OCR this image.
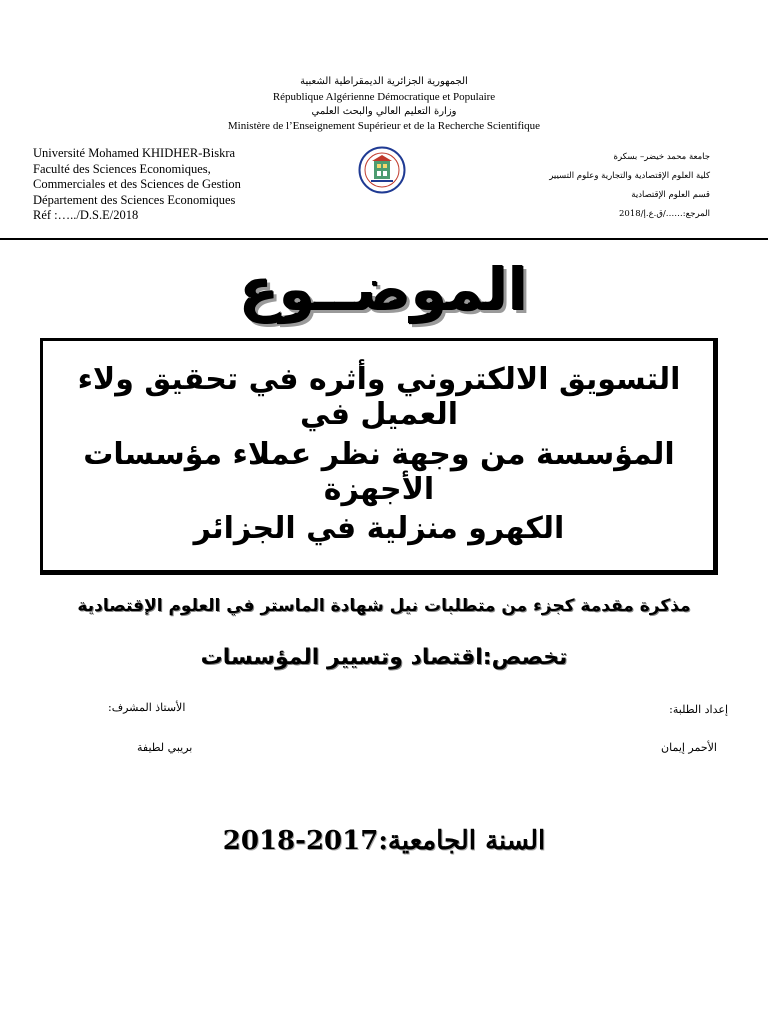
الجمهورية الجزائرية الديمقراطية الشعبية
République Algérienne Démocratique et Populaire
وزارة التعليم العالي والبحث العلمي
Ministère de l’Enseignement Supérieur et de la Recherche Scientifique
Université Mohamed KHIDHER-Biskra
Faculté des Sciences Economiques,
Commerciales et des Sciences de Gestion
Département des Sciences Economiques
Réf :…../D.S.E/2018
جامعة محمد خيضر– بسكرة
كلية العلوم الإقتصادية والتجارية وعلوم التسيير
قسم العلوم الإقتصادية
المرجع:……/ق.ع.إ/2018
الموضــوع
التسويق الالكتروني وأثره في تحقيق ولاء العميل في
المؤسسة من وجهة نظر عملاء مؤسسات الأجهزة
الكهرو منزلية في الجزائر
مذكرة مقدمة كجزء من متطلبات نيل شهادة الماستر في العلوم الإقتصادية
تخصص:اقتصاد وتسيير المؤسسات
إعداد الطلبة:
الأستاذ المشرف:
الأحمر إيمان
بريبي لطيفة
السنة الجامعية:2017-2018
